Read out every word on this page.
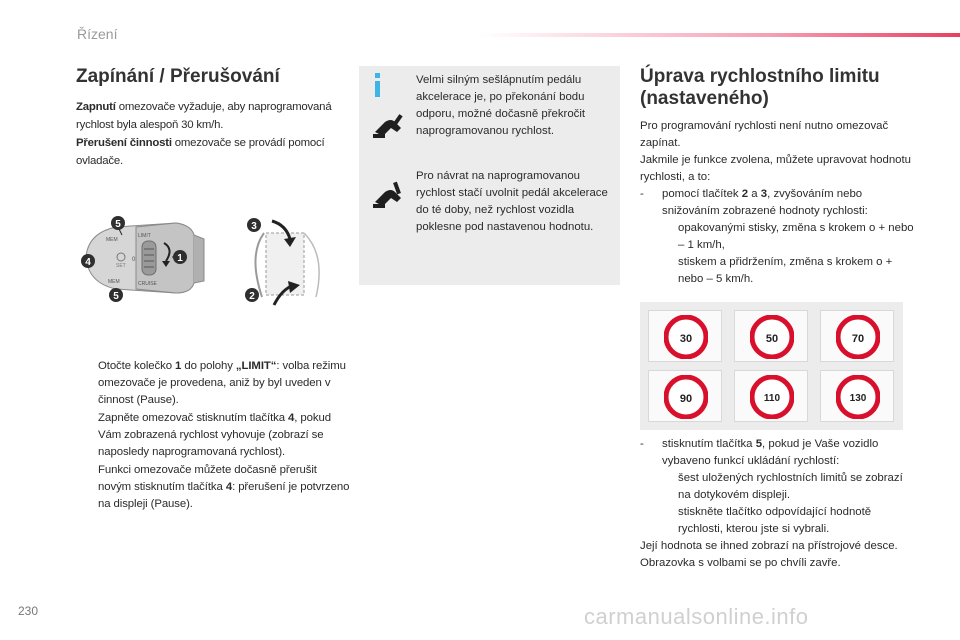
Řízení
Zapínání / Přerušování
Zapnutí omezovače vyžaduje, aby naprogramovaná rychlost byla alespoň 30 km/h.
Přerušení činnosti omezovače se provádí pomocí ovladače.
MEM
MEM
LIMIT
CRUISE
SET
0
5
4
5
1
3
2
Otočte kolečko 1 do polohy „LIMIT“: volba režimu omezovače je provedena, aniž by byl uveden v činnost (Pause).
Zapněte omezovač stisknutím tlačítka 4, pokud Vám zobrazená rychlost vyhovuje (zobrazí se naposledy naprogramovaná rychlost).
Funkci omezovače můžete dočasně přerušit novým stisknutím tlačítka 4: přerušení je potvrzeno na displeji (Pause).
Velmi silným sešlápnutím pedálu akcelerace je, po překonání bodu odporu, možné dočasně překročit naprogramovanou rychlost.
Pro návrat na naprogramovanou rychlost stačí uvolnit pedál akcelerace do té doby, než rychlost vozidla poklesne pod nastavenou hodnotu.
Úprava rychlostního limitu (nastaveného)
Pro programování rychlosti není nutno omezovač zapínat.
Jakmile je funkce zvolena, můžete upravovat hodnotu rychlosti, a to:
-	pomocí tlačítek 2 a 3, zvyšováním nebo snižováním zobrazené hodnoty rychlosti:
opakovanými stisky, změna s krokem o + nebo – 1 km/h,
stiskem a přidržením, změna s krokem o + nebo – 5 km/h.
30	50	70
90	110	130
-	stisknutím tlačítka 5, pokud je Vaše vozidlo vybaveno funkcí ukládání rychlostí:
šest uložených rychlostních limitů se zobrazí na dotykovém displeji.
stiskněte tlačítko odpovídající hodnotě rychlosti, kterou jste si vybrali.
Její hodnota se ihned zobrazí na přístrojové desce.
Obrazovka s volbami se po chvíli zavře.
230	carmanualsonline.info
